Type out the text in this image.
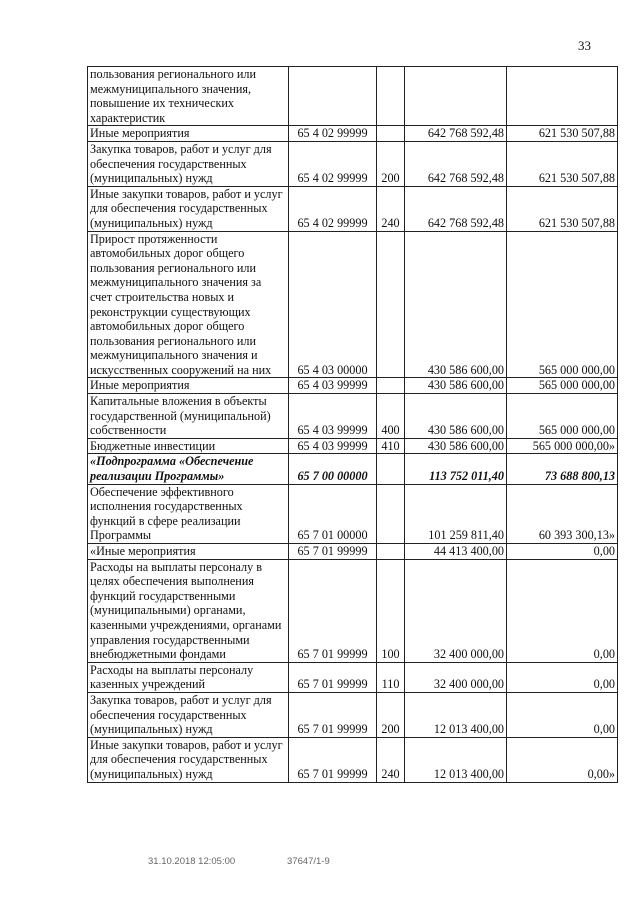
33
пользования регионального или межмуниципального значения, повышение их технических характеристик				
Иные мероприятия	65 4 02 99999		642 768 592,48	621 530 507,88
Закупка товаров, работ и услуг для обеспечения государственных (муниципальных) нужд	65 4 02 99999	200	642 768 592,48	621 530 507,88
Иные закупки товаров, работ и услуг для обеспечения государственных (муниципальных) нужд	65 4 02 99999	240	642 768 592,48	621 530 507,88
Прирост протяженности автомобильных дорог общего пользования регионального или межмуниципального значения за счет строительства новых и реконструкции существующих автомобильных дорог общего пользования регионального или межмуниципального значения и искусственных сооружений на них	65 4 03 00000		430 586 600,00	565 000 000,00
Иные мероприятия	65 4 03 99999		430 586 600,00	565 000 000,00
Капитальные вложения в объекты государственной (муниципальной) собственности	65 4 03 99999	400	430 586 600,00	565 000 000,00
Бюджетные инвестиции	65 4 03 99999	410	430 586 600,00	565 000 000,00»
«Подпрограмма «Обеспечение реализации Программы»	65 7 00 00000		113 752 011,40	73 688 800,13
Обеспечение эффективного исполнения государственных функций в сфере реализации Программы	65 7 01 00000		101 259 811,40	60 393 300,13»
«Иные мероприятия	65 7 01 99999		44 413 400,00	0,00
Расходы на выплаты персоналу в целях обеспечения выполнения функций государственными (муниципальными) органами, казенными учреждениями, органами управления государственными внебюджетными фондами	65 7 01 99999	100	32 400 000,00	0,00
Расходы на выплаты персоналу казенных учреждений	65 7 01 99999	110	32 400 000,00	0,00
Закупка товаров, работ и услуг для обеспечения государственных (муниципальных) нужд	65 7 01 99999	200	12 013 400,00	0,00
Иные закупки товаров, работ и услуг для обеспечения государственных (муниципальных) нужд	65 7 01 99999	240	12 013 400,00	0,00»
31.10.2018 12:05:00	37647/1-9
